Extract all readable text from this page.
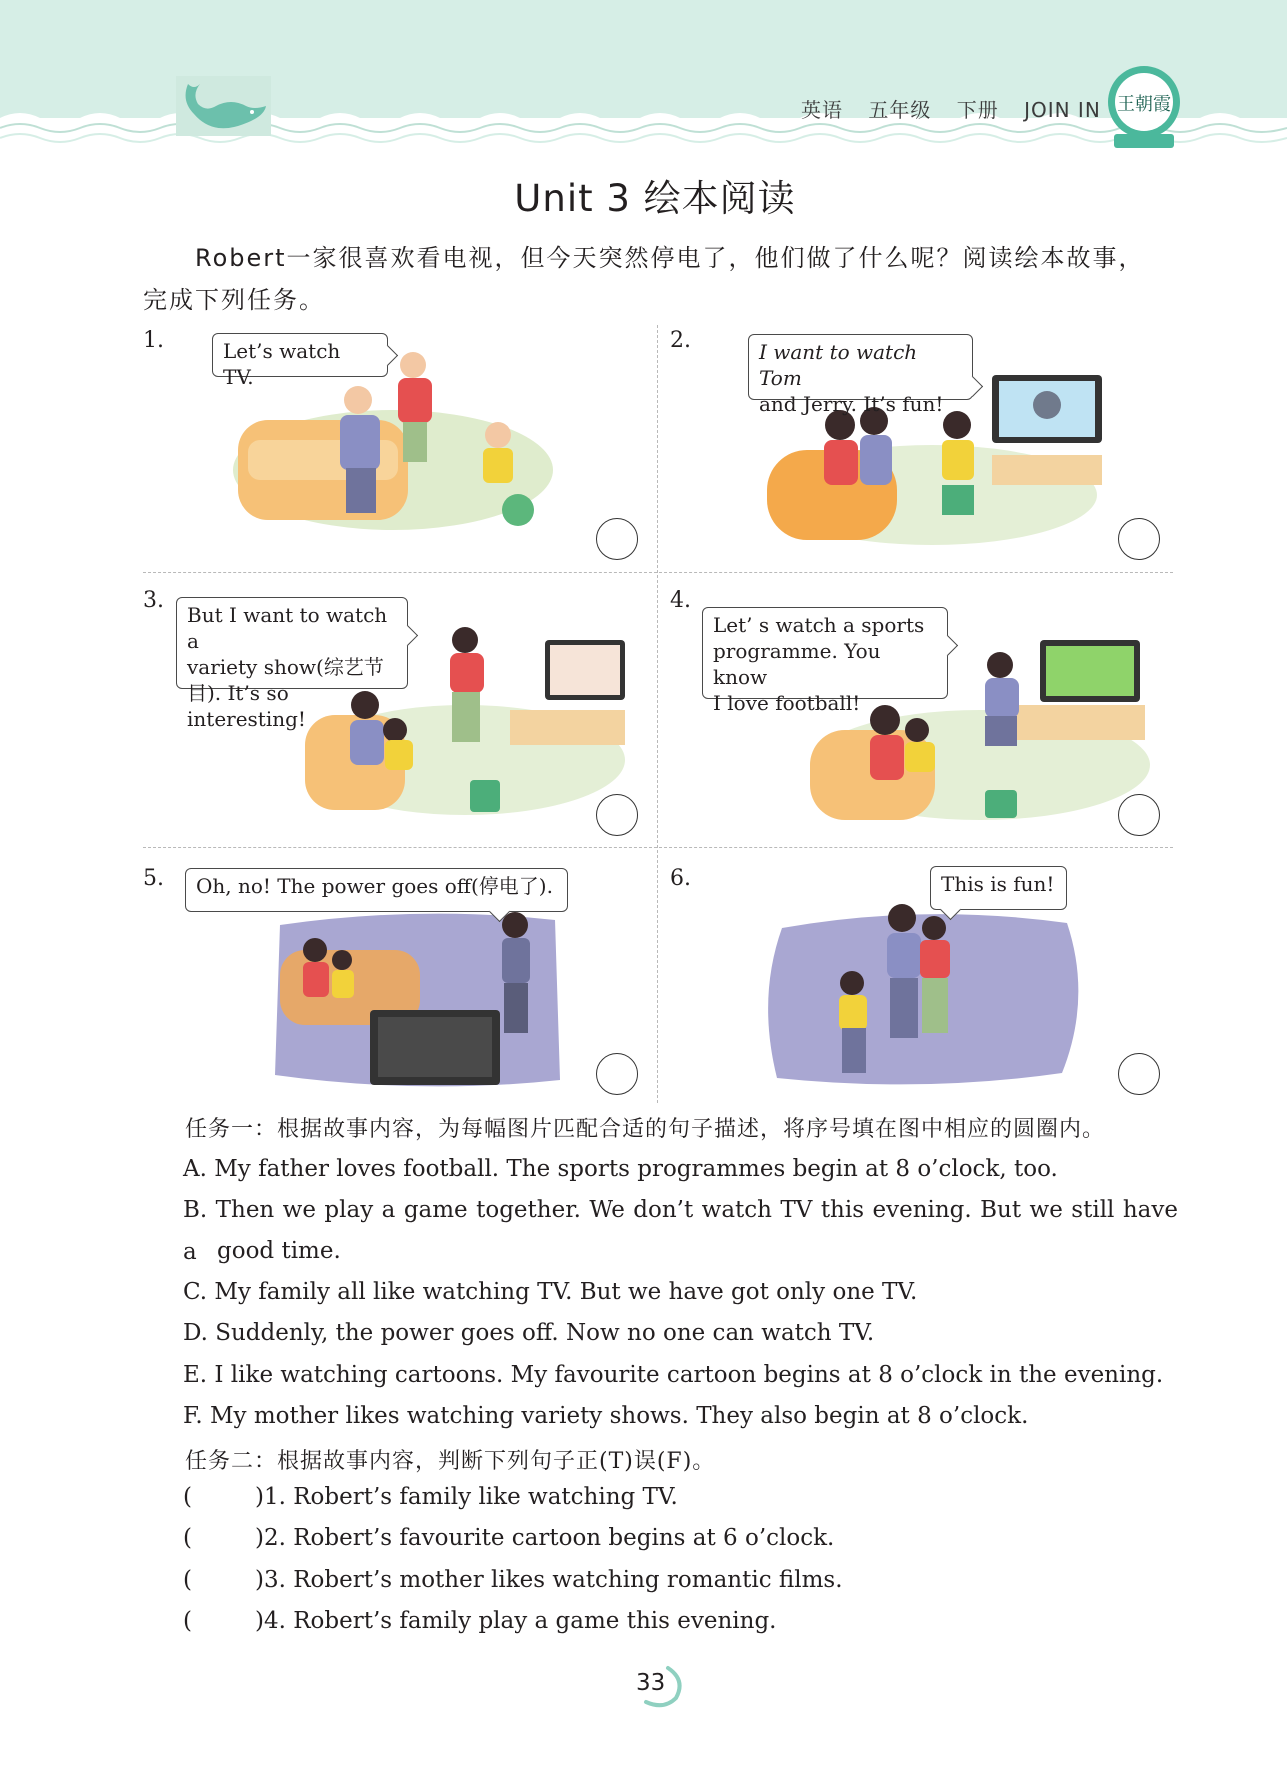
英语 五年级 下册 JOIN IN 王朝霞
Unit 3 绘本阅读
Robert一家很喜欢看电视，但今天突然停电了，他们做了什么呢？阅读绘本故事，
完成下列任务。
1.	Let’s watch TV.
2.	I want to watch Tom
and Jerry. It’s fun!
3.
But I want to watch a
variety show(综艺节
目). It’s so interesting!
4.
Let’ s watch a sports
programme. You know
I love football!
5.	Oh, no! The power goes off(停电了).	6.	This is fun!
任务一：根据故事内容，为每幅图片匹配合适的句子描述，将序号填在图中相应的圆圈内。
A. My father loves football. The sports programmes begin at 8 o’clock, too.
B. Then we play a game together. We don’t watch TV this evening. But we still have a good time.
C. My family all like watching TV. But we have got only one TV.
D. Suddenly, the power goes off. Now no one can watch TV.
E. I like watching cartoons. My favourite cartoon begins at 8 o’clock in the evening.
F. My mother likes watching variety shows. They also begin at 8 o’clock.
任务二：根据故事内容，判断下列句子正(T)误(F)。
(	)1. Robert’s family like watching TV.
(	)2. Robert’s favourite cartoon begins at 6 o’clock.
(	)3. Robert’s mother likes watching romantic films.
(	)4. Robert’s family play a game this evening.
33
